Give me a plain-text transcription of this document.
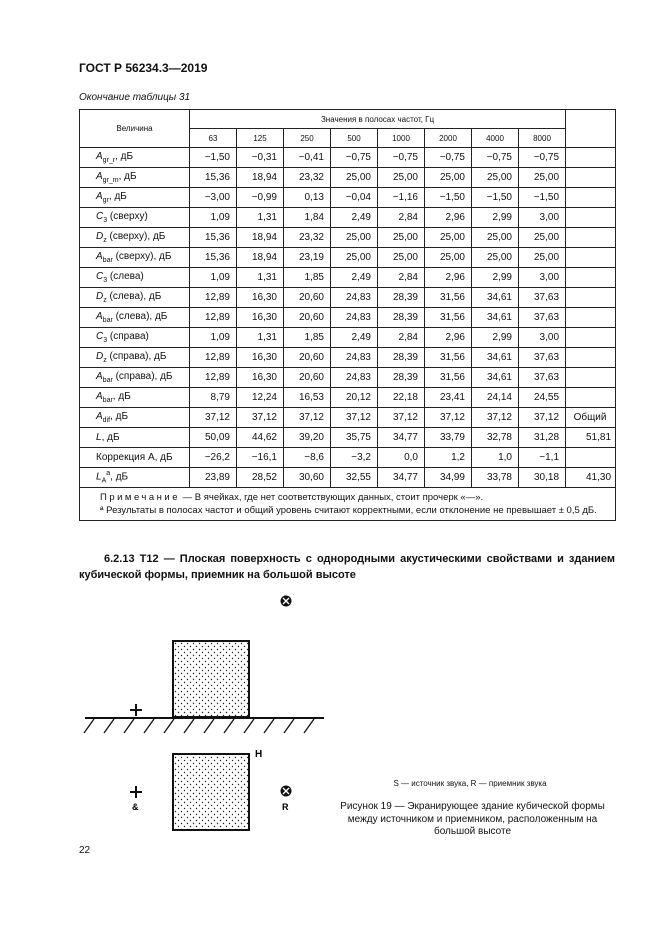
ГОСТ Р 56234.3—2019
Окончание таблицы 31
Величина	Значения в полосах частот, Гц								
	63	125	250	500	1000	2000	4000	8000	
$A_{gr\_r}$, дБ	−1,50	−0,31	−0,41	−0,75	−0,75	−0,75	−0,75	−0,75	
$A_{gr\_m}$, дБ	15,36	18,94	23,32	25,00	25,00	25,00	25,00	25,00	
$A_{gr}$, дБ	−3,00	−0,99	0,13	−0,04	−1,16	−1,50	−1,50	−1,50	
$C_3$ (сверху)	1,09	1,31	1,84	2,49	2,84	2,96	2,99	3,00	
$D_z$ (сверху), дБ	15,36	18,94	23,32	25,00	25,00	25,00	25,00	25,00	
$A_{bar}$ (сверху), дБ	15,36	18,94	23,19	25,00	25,00	25,00	25,00	25,00	
$C_3$ (слева)	1,09	1,31	1,85	2,49	2,84	2,96	2,99	3,00	
$D_z$ (слева), дБ	12,89	16,30	20,60	24,83	28,39	31,56	34,61	37,63	
$A_{bar}$ (слева), дБ	12,89	16,30	20,60	24,83	28,39	31,56	34,61	37,63	
$C_3$ (справа)	1,09	1,31	1,85	2,49	2,84	2,96	2,99	3,00	
$D_z$ (справа), дБ	12,89	16,30	20,60	24,83	28,39	31,56	34,61	37,63	
$A_{bar}$ (справа), дБ	12,89	16,30	20,60	24,83	28,39	31,56	34,61	37,63	
$A_{bar}$, дБ	8,79	12,24	16,53	20,12	22,18	23,41	24,14	24,55	
$A_{dif}$, дБ	37,12	37,12	37,12	37,12	37,12	37,12	37,12	37,12	Общий
L, дБ	50,09	44,62	39,20	35,75	34,77	33,79	32,78	31,28	51,81
Коррекция А, дБ	−26,2	−16,1	−8,6	−3,2	0,0	1,2	1,0	−1,1	
$L_A^a$, дБ	23,89	28,52	30,60	32,55	34,77	34,99	33,78	30,18	41,30

Примечание — В ячейках, где нет соответствующих данных, стоит прочерк «—».
ª Результаты в полосах частот и общий уровень считают корректными, если отклонение не превышает ± 0,5 дБ.									
6.2.13 Т12 — Плоская поверхность с однородными акустическими свойствами и зданием кубической формы, приемник на большой высоте
H
&	R
S — источник звука, R — приемник звука
Рисунок 19 — Экранирующее здание кубической формы между источником и приемником, расположенным на большой высоте
22
